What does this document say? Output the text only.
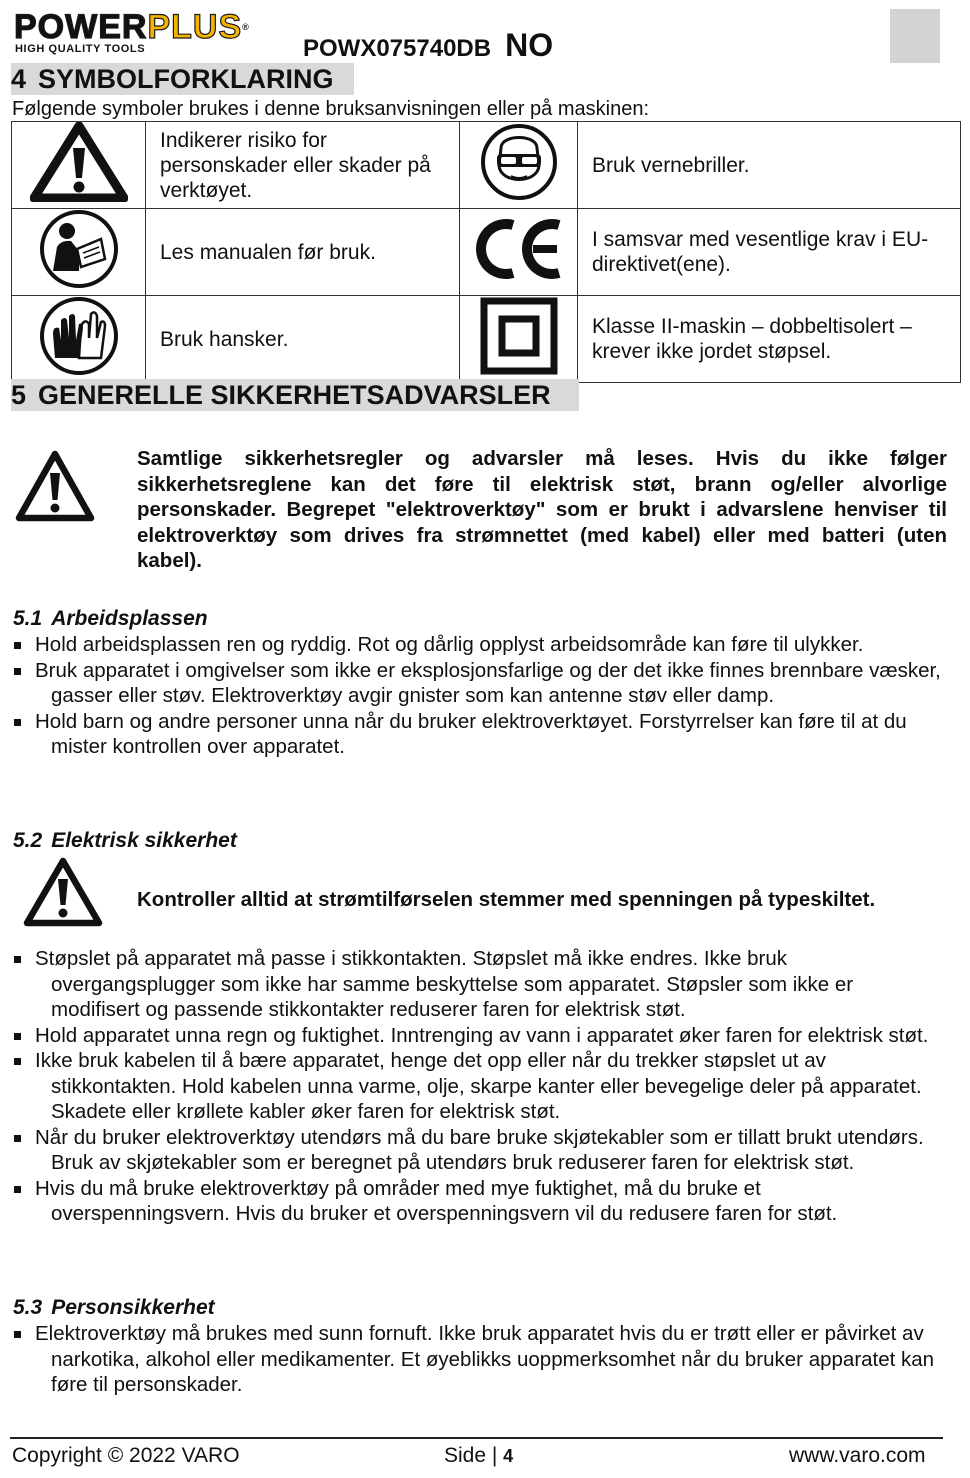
POWERPLUS®
HIGH QUALITY TOOLS	POWX075740DB NO
4 SYMBOLFORKLARING
Følgende symboler brukes i denne bruksanvisningen eller på maskinen:
	Indikerer risiko for personskader eller skader på verktøyet.		Bruk vernebriller.
	Les manualen før bruk.		I samsvar med vesentlige krav i EU-direktivet(ene).
	Bruk hansker.		Klasse II-maskin – dobbeltisolert – krever ikke jordet støpsel.
5 GENERELLE SIKKERHETSADVARSLER
Samtlige sikkerhetsregler og advarsler må leses. Hvis du ikke følger sikkerhetsreglene kan det føre til elektrisk støt, brann og/eller alvorlige personskader. Begrepet "elektroverktøy" som er brukt i advarslene henviser til elektroverktøy som drives fra strømnettet (med kabel) eller med batteri (uten kabel).
5.1 Arbeidsplassen
Hold arbeidsplassen ren og ryddig. Rot og dårlig opplyst arbeidsområde kan føre til ulykker.
Bruk apparatet i omgivelser som ikke er eksplosjonsfarlige og der det ikke finnes brennbare væsker, gasser eller støv. Elektroverktøy avgir gnister som kan antenne støv eller damp.
Hold barn og andre personer unna når du bruker elektroverktøyet. Forstyrrelser kan føre til at du mister kontrollen over apparatet.
5.2 Elektrisk sikkerhet
Kontroller alltid at strømtilførselen stemmer med spenningen på typeskiltet.
Støpslet på apparatet må passe i stikkontakten. Støpslet må ikke endres. Ikke bruk overgangsplugger som ikke har samme beskyttelse som apparatet. Støpsler som ikke er modifisert og passende stikkontakter reduserer faren for elektrisk støt.
Hold apparatet unna regn og fuktighet. Inntrenging av vann i apparatet øker faren for elektrisk støt.
Ikke bruk kabelen til å bære apparatet, henge det opp eller når du trekker støpslet ut av stikkontakten. Hold kabelen unna varme, olje, skarpe kanter eller bevegelige deler på apparatet. Skadete eller krøllete kabler øker faren for elektrisk støt.
Når du bruker elektroverktøy utendørs må du bare bruke skjøtekabler som er tillatt brukt utendørs. Bruk av skjøtekabler som er beregnet på utendørs bruk reduserer faren for elektrisk støt.
Hvis du må bruke elektroverktøy på områder med mye fuktighet, må du bruke et overspenningsvern. Hvis du bruker et overspenningsvern vil du redusere faren for støt.
5.3 Personsikkerhet
Elektroverktøy må brukes med sunn fornuft. Ikke bruk apparatet hvis du er trøtt eller er påvirket av narkotika, alkohol eller medikamenter. Et øyeblikks uoppmerksomhet når du bruker apparatet kan føre til personskader.
Copyright © 2022 VARO	Side | 4	www.varo.com
